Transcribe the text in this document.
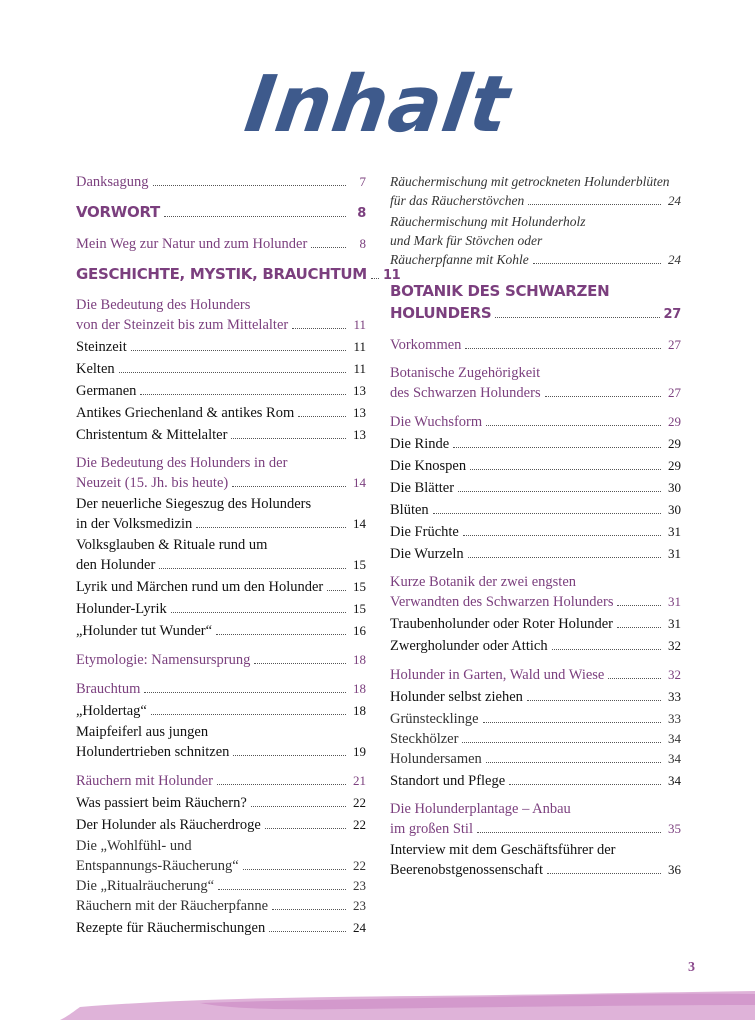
Inhalt
Danksagung	7
VORWORT	8
Mein Weg zur Natur und zum Holunder	8
GESCHICHTE, MYSTIK, BRAUCHTUM 11
Die Bedeutung des Holunders
von der Steinzeit bis zum Mittelalter	11
Steinzeit	11
Kelten	11
Germanen	13
Antikes Griechenland & antikes Rom	13
Christentum & Mittelalter	13
Die Bedeutung des Holunders in der
Neuzeit (15. Jh. bis heute)	14
Der neuerliche Siegeszug des Holunders
in der Volksmedizin	14
Volksglauben & Rituale rund um
den Holunder	15
Lyrik und Märchen rund um den Holunder 15
Holunder-Lyrik	15
„Holunder tut Wunder“	16
Etymologie: Namensursprung	18
Brauchtum	18
„Holdertag“	18
Maipfeiferl aus jungen
Holundertrieben schnitzen	19
Räuchern mit Holunder	21
Was passiert beim Räuchern?	22
Der Holunder als Räucherdroge	22
Die „Wohlfühl- und
Entspannungs-Räucherung“	22
Die „Ritualräucherung“	23
Räuchern mit der Räucherpfanne	23
Rezepte für Räuchermischungen	24
Räuchermischung mit getrockneten Holunderblüten
für das Räucherstövchen	24
Räuchermischung mit Holunderholz
und Mark für Stövchen oder
Räucherpfanne mit Kohle	24
BOTANIK DES SCHWARZEN
HOLUNDERS	27
Vorkommen	27
Botanische Zugehörigkeit
des Schwarzen Holunders	27
Die Wuchsform	29
Die Rinde	29
Die Knospen	29
Die Blätter	30
Blüten	30
Die Früchte	31
Die Wurzeln	31
Kurze Botanik der zwei engsten
Verwandten des Schwarzen Holunders	31
Traubenholunder oder Roter Holunder	31
Zwergholunder oder Attich	32
Holunder in Garten, Wald und Wiese	32
Holunder selbst ziehen	33
Grünstecklinge	33
Steckhölzer	34
Holundersamen	34
Standort und Pflege	34
Die Holunderplantage – Anbau
im großen Stil	35
Interview mit dem Geschäftsführer der
Beerenobstgenossenschaft	36
3
